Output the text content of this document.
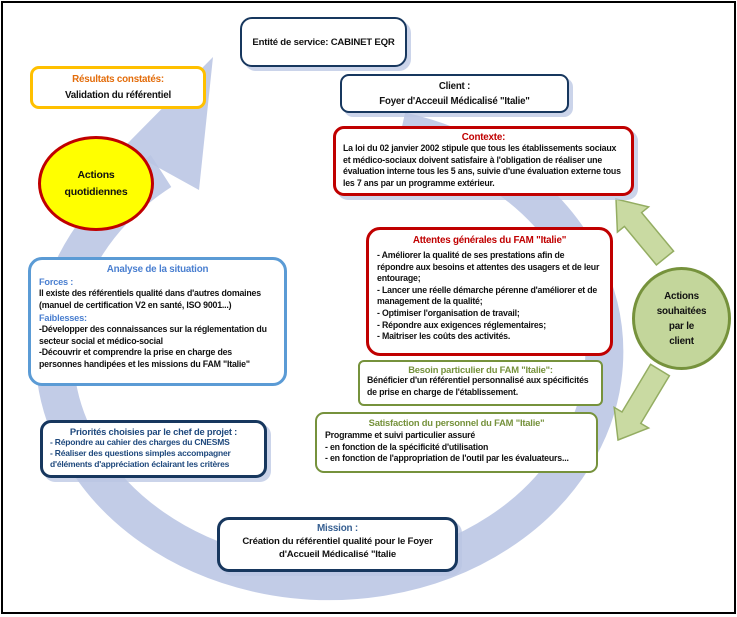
Entité de service: CABINET EQR
Client :
Foyer d'Acceuil Médicalisé "Italie"
Contexte:
La loi du 02 janvier 2002 stipule que tous les établissements sociaux et médico-sociaux doivent satisfaire à l'obligation de réaliser une évaluation interne tous les 5 ans, suivie d'une évaluation externe tous les 7 ans par un programme extérieur.
Résultats constatés:
Validation du référentiel
Actions
quotidiennes
Analyse de la situation
Forces :
Il existe des référentiels qualité dans d'autres domaines (manuel de certification V2 en santé, ISO 9001...)
Faiblesses:
-Développer des connaissances sur la réglementation du secteur social et médico-social
-Découvrir et comprendre la prise en charge des personnes handipées et les missions du FAM "Italie"
Attentes générales du FAM "Italie"
- Améliorer la qualité de ses prestations afin de répondre aux besoins et attentes des usagers et de leur entourage;
- Lancer une réelle démarche pérenne d'améliorer et de management de la qualité;
- Optimiser l'organisation de travail;
- Répondre aux exigences réglementaires;
- Maîtriser les coûts des activités.
Actions
souhaitées
par le
client
Besoin particulier du FAM "Italie":
Bénéficier d'un référentiel personnalisé aux spécificités de prise en charge de l'établissement.
Satisfaction du personnel du FAM "Italie"
Programme et suivi particulier assuré
- en fonction de la spécificité d'utilisation
- en fonction de l'appropriation de l'outil par les évaluateurs...
Priorités choisies par le chef de projet :
- Répondre au cahier des charges du CNESMS
- Réaliser des questions simples accompagner d'éléments d'appréciation éclairant les critères
Mission :
Création du référentiel qualité pour le Foyer d'Accueil Médicalisé "Italie
